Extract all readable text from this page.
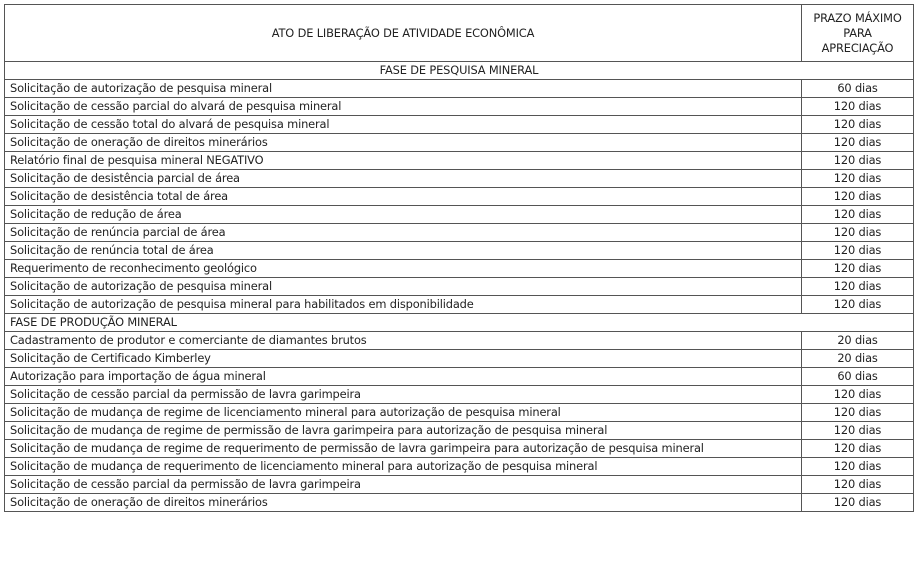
ATO DE LIBERAÇÃO DE ATIVIDADE ECONÔMICA	PRAZO MÁXIMO
PARA
APRECIAÇÃO
FASE DE PESQUISA MINERAL	
Solicitação de autorização de pesquisa mineral	60 dias
Solicitação de cessão parcial do alvará de pesquisa mineral	120 dias
Solicitação de cessão total do alvará de pesquisa mineral	120 dias
Solicitação de oneração de direitos minerários	120 dias
Relatório final de pesquisa mineral NEGATIVO	120 dias
Solicitação de desistência parcial de área	120 dias
Solicitação de desistência total de área	120 dias
Solicitação de redução de área	120 dias
Solicitação de renúncia parcial de área	120 dias
Solicitação de renúncia total de área	120 dias
Requerimento de reconhecimento geológico	120 dias
Solicitação de autorização de pesquisa mineral	120 dias
Solicitação de autorização de pesquisa mineral para habilitados em disponibilidade	120 dias
FASE DE PRODUÇÃO MINERAL	
Cadastramento de produtor e comerciante de diamantes brutos	20 dias
Solicitação de Certificado Kimberley	20 dias
Autorização para importação de água mineral	60 dias
Solicitação de cessão parcial da permissão de lavra garimpeira	120 dias
Solicitação de mudança de regime de licenciamento mineral para autorização de pesquisa mineral	120 dias
Solicitação de mudança de regime de permissão de lavra garimpeira para autorização de pesquisa mineral	120 dias
Solicitação de mudança de regime de requerimento de permissão de lavra garimpeira para autorização de pesquisa mineral	120 dias
Solicitação de mudança de requerimento de licenciamento mineral para autorização de pesquisa mineral	120 dias
Solicitação de cessão parcial da permissão de lavra garimpeira	120 dias
Solicitação de oneração de direitos minerários	120 dias
